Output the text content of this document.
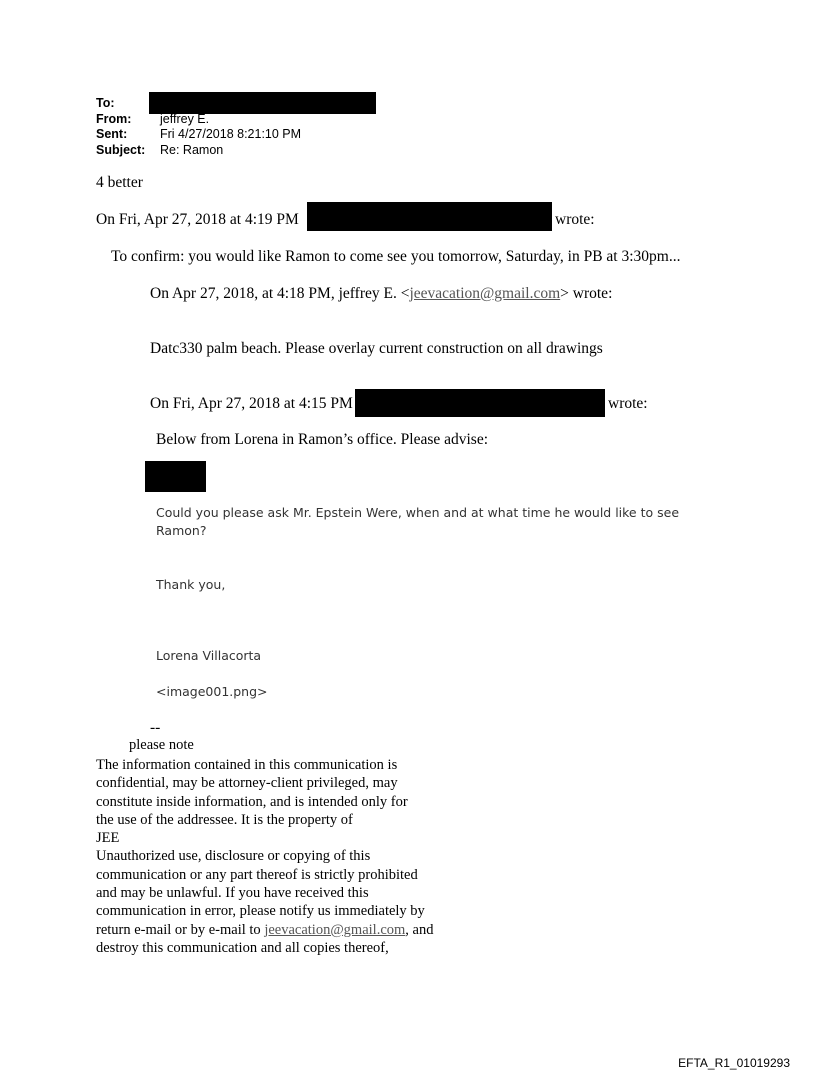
To:
From: jeffrey E.
Sent:	Fri 4/27/2018 8:21:10 PM
Subject: Re: Ramon
4 better
On Fri, Apr 27, 2018 at 4:19 PM	wrote:
To confirm: you would like Ramon to come see you tomorrow, Saturday, in PB at 3:30pm...
On Apr 27, 2018, at 4:18 PM, jeffrey E. <jeevacation@gmail.com> wrote:
Datc330 palm beach. Please overlay current construction on all drawings
On Fri, Apr 27, 2018 at 4:15 PM	wrote:
Below from Lorena in Ramon’s office. Please advise:
Could you please ask Mr. Epstein Were, when and at what time he would like to see
Ramon?
Thank you,
Lorena Villacorta
<image001.png>
--
please note
The information contained in this communication is
confidential, may be attorney-client privileged, may
constitute inside information, and is intended only for
the use of the addressee. It is the property of
JEE
Unauthorized use, disclosure or copying of this
communication or any part thereof is strictly prohibited
and may be unlawful. If you have received this
communication in error, please notify us immediately by
return e-mail or by e-mail to jeevacation@gmail.com, and
destroy this communication and all copies thereof,
EFTA_R1_01019293
